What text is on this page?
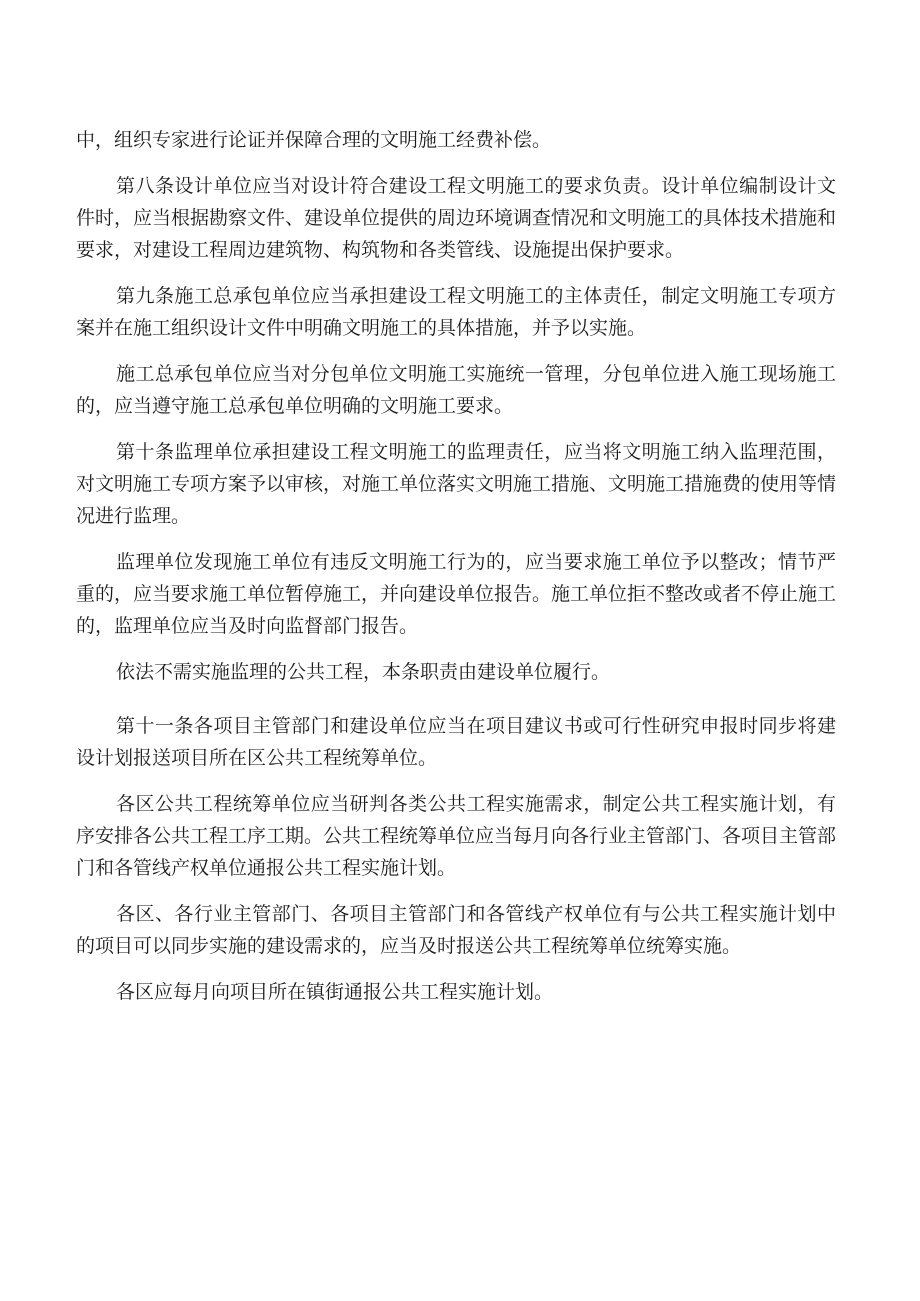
中，组织专家进行论证并保障合理的文明施工经费补偿。

第八条设计单位应当对设计符合建设工程文明施工的要求负责。设计单位编制设计文件时，应当根据勘察文件、建设单位提供的周边环境调查情况和文明施工的具体技术措施和要求，对建设工程周边建筑物、构筑物和各类管线、设施提出保护要求。

第九条施工总承包单位应当承担建设工程文明施工的主体责任，制定文明施工专项方案并在施工组织设计文件中明确文明施工的具体措施，并予以实施。

施工总承包单位应当对分包单位文明施工实施统一管理，分包单位进入施工现场施工的，应当遵守施工总承包单位明确的文明施工要求。

第十条监理单位承担建设工程文明施工的监理责任，应当将文明施工纳入监理范围，对文明施工专项方案予以审核，对施工单位落实文明施工措施、文明施工措施费的使用等情况进行监理。

监理单位发现施工单位有违反文明施工行为的，应当要求施工单位予以整改；情节严重的，应当要求施工单位暂停施工，并向建设单位报告。施工单位拒不整改或者不停止施工的，监理单位应当及时向监督部门报告。

依法不需实施监理的公共工程，本条职责由建设单位履行。

第十一条各项目主管部门和建设单位应当在项目建议书或可行性研究申报时同步将建设计划报送项目所在区公共工程统筹单位。

各区公共工程统筹单位应当研判各类公共工程实施需求，制定公共工程实施计划，有序安排各公共工程工序工期。公共工程统筹单位应当每月向各行业主管部门、各项目主管部门和各管线产权单位通报公共工程实施计划。

各区、各行业主管部门、各项目主管部门和各管线产权单位有与公共工程实施计划中的项目可以同步实施的建设需求的，应当及时报送公共工程统筹单位统筹实施。

各区应每月向项目所在镇街通报公共工程实施计划。
